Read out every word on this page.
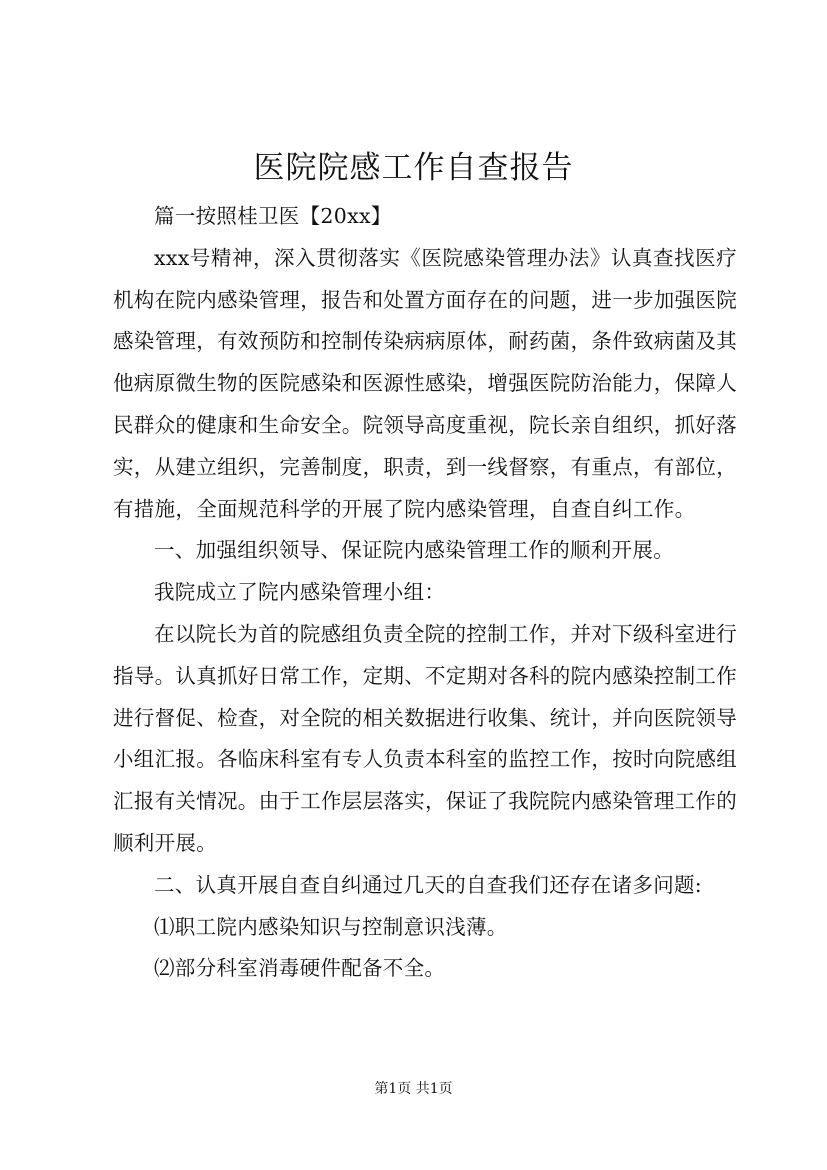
医院院感工作自查报告

篇一按照桂卫医【20xx】

xxx号精神，深入贯彻落实《医院感染管理办法》认真查找医疗机构在院内感染管理，报告和处置方面存在的问题，进一步加强医院感染管理，有效预防和控制传染病病原体，耐药菌，条件致病菌及其他病原微生物的医院感染和医源性感染，增强医院防治能力，保障人民群众的健康和生命安全。院领导高度重视，院长亲自组织，抓好落实，从建立组织，完善制度，职责，到一线督察，有重点，有部位，有措施，全面规范科学的开展了院内感染管理，自查自纠工作。

一、加强组织领导、保证院内感染管理工作的顺利开展。

我院成立了院内感染管理小组：

在以院长为首的院感组负责全院的控制工作，并对下级科室进行指导。认真抓好日常工作，定期、不定期对各科的院内感染控制工作进行督促、检查，对全院的相关数据进行收集、统计，并向医院领导小组汇报。各临床科室有专人负责本科室的监控工作，按时向院感组汇报有关情况。由于工作层层落实，保证了我院院内感染管理工作的顺利开展。

二、认真开展自查自纠通过几天的自查我们还存在诸多问题:

⑴职工院内感染知识与控制意识浅薄。

⑵部分科室消毒硬件配备不全。

第1页 共1页
